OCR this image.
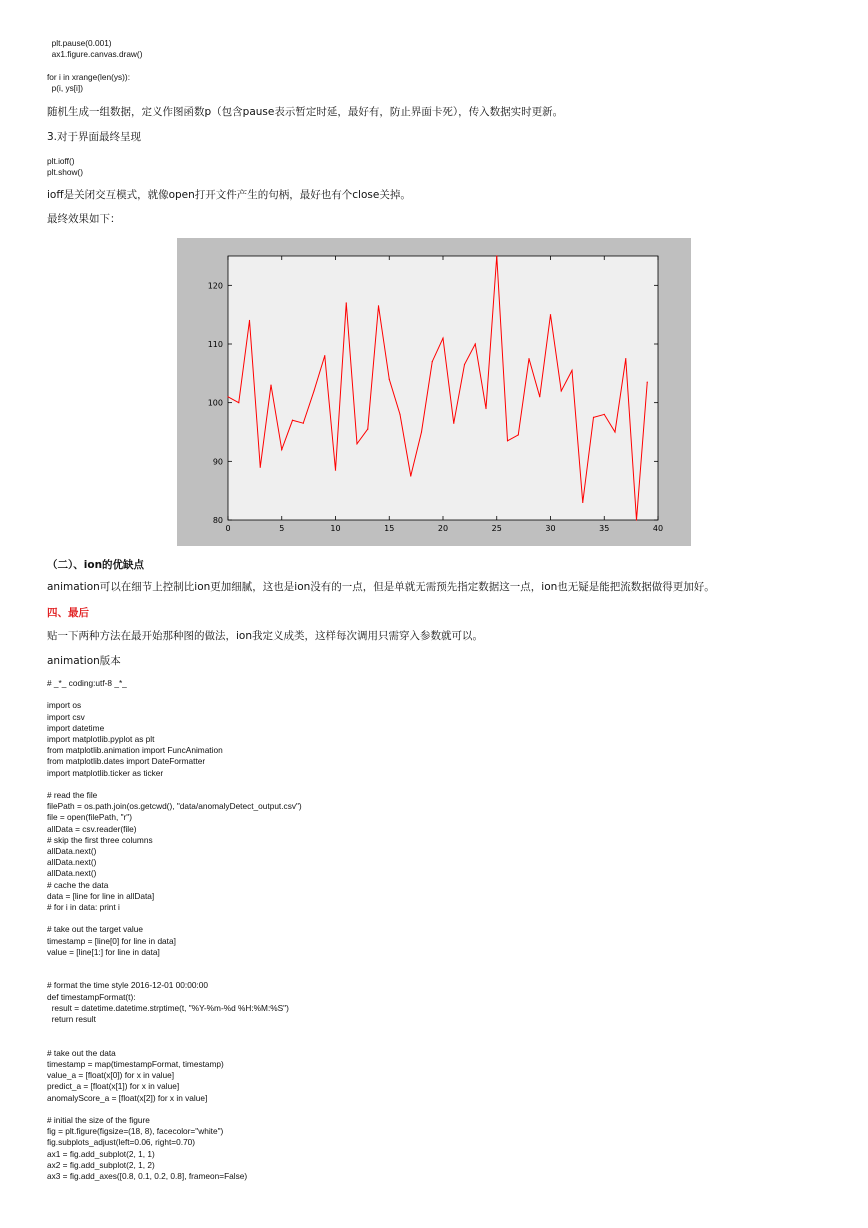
plt.pause(0.001)
ax1.figure.canvas.draw()

for i in xrange(len(ys)):
p(i, ys[i])
随机生成一组数据，定义作图函数p（包含pause表示暂定时延，最好有，防止界面卡死），传入数据实时更新。
3.对于界面最终呈现
plt.ioff()
plt.show()
ioff是关闭交互模式，就像open打开文件产生的句柄，最好也有个close关掉。
最终效果如下：
0	5	10	15	20	25	30	35	40
80
90
100
110
120
（二）、ion的优缺点
animation可以在细节上控制比ion更加细腻，这也是ion没有的一点，但是单就无需预先指定数据这一点，ion也无疑是能把流数据做得更加好。
四、最后
贴一下两种方法在最开始那种图的做法，ion我定义成类，这样每次调用只需穿入参数就可以。
animation版本
# _*_ coding:utf-8 _*_

import os
import csv
import datetime
import matplotlib.pyplot as plt
from matplotlib.animation import FuncAnimation
from matplotlib.dates import DateFormatter
import matplotlib.ticker as ticker

# read the file
filePath = os.path.join(os.getcwd(), "data/anomalyDetect_output.csv")
file = open(filePath, "r")
allData = csv.reader(file)
# skip the first three columns
allData.next()
allData.next()
allData.next()
# cache the data
data = [line for line in allData]
# for i in data: print i

# take out the target value
timestamp = [line[0] for line in data]
value = [line[1:] for line in data]

# format the time style 2016-12-01 00:00:00
def timestampFormat(t):
result = datetime.datetime.strptime(t, "%Y-%m-%d %H:%M:%S")
return result

# take out the data
timestamp = map(timestampFormat, timestamp)
value_a = [float(x[0]) for x in value]
predict_a = [float(x[1]) for x in value]
anomalyScore_a = [float(x[2]) for x in value]

# initial the size of the figure
fig = plt.figure(figsize=(18, 8), facecolor="white")
fig.subplots_adjust(left=0.06, right=0.70)
ax1 = fig.add_subplot(2, 1, 1)
ax2 = fig.add_subplot(2, 1, 2)
ax3 = fig.add_axes([0.8, 0.1, 0.2, 0.8], frameon=False)
